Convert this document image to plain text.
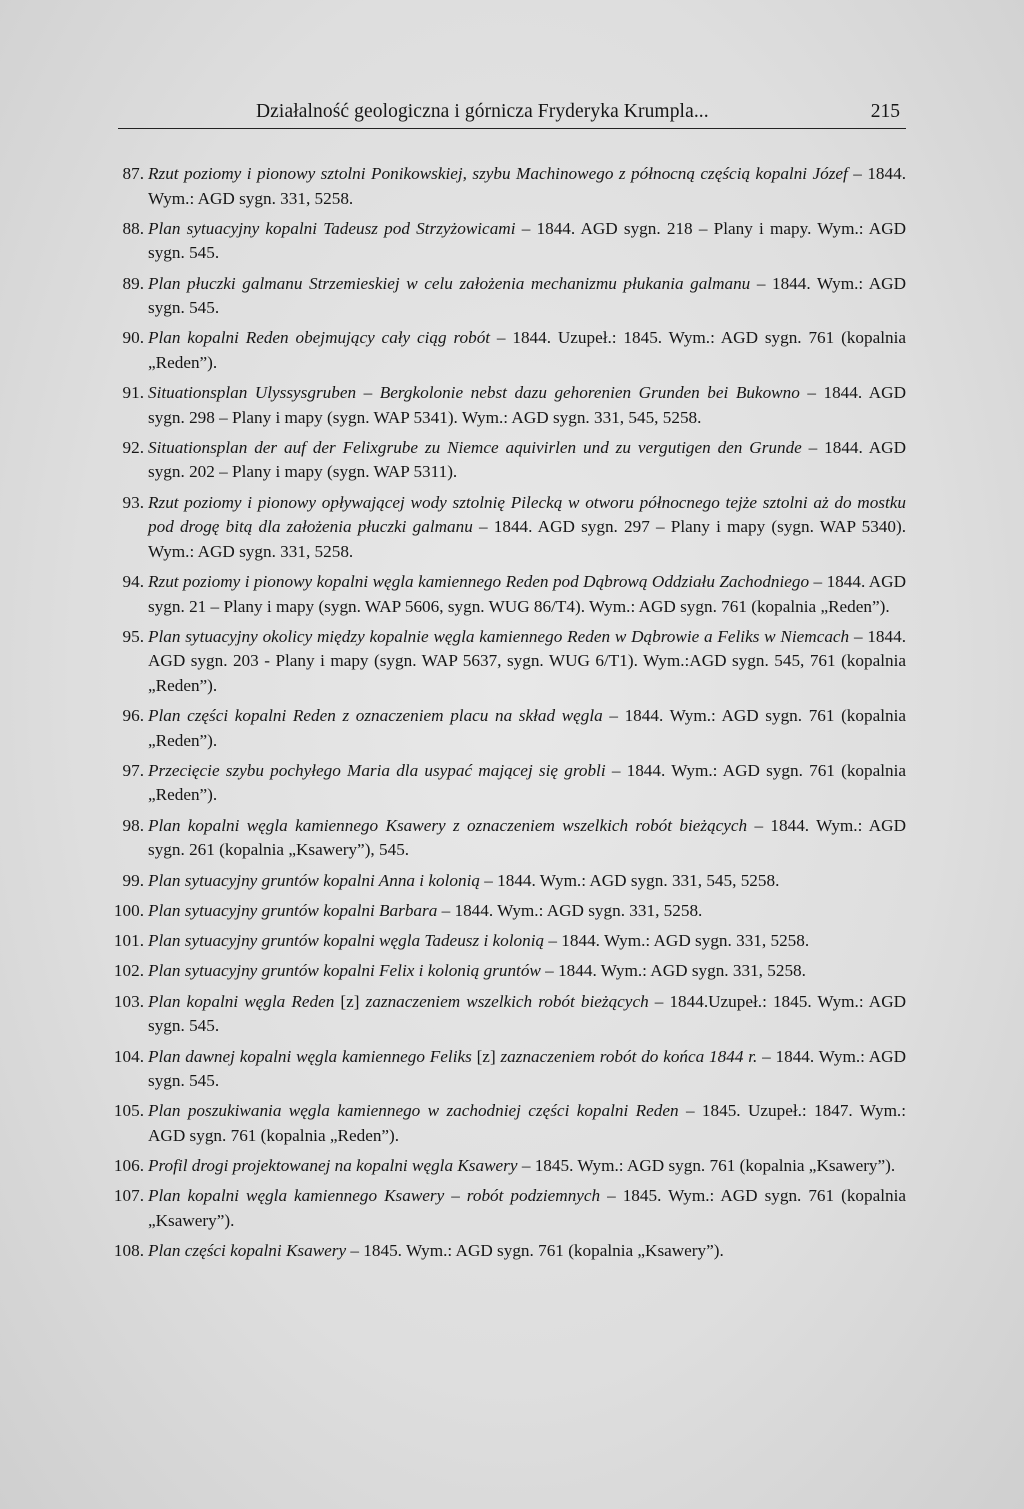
Działalność geologiczna i górnicza Fryderyka Krumpla...	215
87. Rzut poziomy i pionowy sztolni Ponikowskiej, szybu Machinowego z północną częścią kopalni Józef – 1844. Wym.: AGD sygn. 331, 5258.
88. Plan sytuacyjny kopalni Tadeusz pod Strzyżowicami – 1844. AGD sygn. 218 – Plany i mapy. Wym.: AGD sygn. 545.
89. Plan płuczki galmanu Strzemieskiej w celu założenia mechanizmu płukania galmanu – 1844. Wym.: AGD sygn. 545.
90. Plan kopalni Reden obejmujący cały ciąg robót – 1844. Uzupeł.: 1845. Wym.: AGD sygn. 761 (kopalnia „Reden”).
91. Situationsplan Ulyssysgruben – Bergkolonie nebst dazu gehorenien Grunden bei Bukowno – 1844. AGD sygn. 298 – Plany i mapy (sygn. WAP 5341). Wym.: AGD sygn. 331, 545, 5258.
92. Situationsplan der auf der Felixgrube zu Niemce aquivirlen und zu vergutigen den Grunde – 1844. AGD sygn. 202 – Plany i mapy (sygn. WAP 5311).
93. Rzut poziomy i pionowy opływającej wody sztolnię Pilecką w otworu północnego tejże sztolni aż do mostku pod drogę bitą dla założenia płuczki galmanu – 1844. AGD sygn. 297 – Plany i mapy (sygn. WAP 5340). Wym.: AGD sygn. 331, 5258.
94. Rzut poziomy i pionowy kopalni węgla kamiennego Reden pod Dąbrową Oddziału Zachodniego – 1844. AGD sygn. 21 – Plany i mapy (sygn. WAP 5606, sygn. WUG 86/T4). Wym.: AGD sygn. 761 (kopalnia „Reden”).
95. Plan sytuacyjny okolicy między kopalnie węgla kamiennego Reden w Dąbrowie a Feliks w Niemcach – 1844. AGD sygn. 203 - Plany i mapy (sygn. WAP 5637, sygn. WUG 6/T1). Wym.:AGD sygn. 545, 761 (kopalnia „Reden”).
96. Plan części kopalni Reden z oznaczeniem placu na skład węgla – 1844. Wym.: AGD sygn. 761 (kopalnia „Reden”).
97. Przecięcie szybu pochyłego Maria dla usypać mającej się grobli – 1844. Wym.: AGD sygn. 761 (kopalnia „Reden”).
98. Plan kopalni węgla kamiennego Ksawery z oznaczeniem wszelkich robót bieżących – 1844. Wym.: AGD sygn. 261 (kopalnia „Ksawery”), 545.
99. Plan sytuacyjny gruntów kopalni Anna i kolonią – 1844. Wym.: AGD sygn. 331, 545, 5258.
100. Plan sytuacyjny gruntów kopalni Barbara – 1844. Wym.: AGD sygn. 331, 5258.
101. Plan sytuacyjny gruntów kopalni węgla Tadeusz i kolonią – 1844. Wym.: AGD sygn. 331, 5258.
102. Plan sytuacyjny gruntów kopalni Felix i kolonią gruntów – 1844. Wym.: AGD sygn. 331, 5258.
103. Plan kopalni węgla Reden [z] zaznaczeniem wszelkich robót bieżących – 1844.Uzupeł.: 1845. Wym.: AGD sygn. 545.
104. Plan dawnej kopalni węgla kamiennego Feliks [z] zaznaczeniem robót do końca 1844 r. – 1844. Wym.: AGD sygn. 545.
105. Plan poszukiwania węgla kamiennego w zachodniej części kopalni Reden – 1845. Uzupeł.: 1847. Wym.: AGD sygn. 761 (kopalnia „Reden”).
106. Profil drogi projektowanej na kopalni węgla Ksawery – 1845. Wym.: AGD sygn. 761 (kopalnia „Ksawery”).
107. Plan kopalni węgla kamiennego Ksawery – robót podziemnych – 1845. Wym.: AGD sygn. 761 (kopalnia „Ksawery”).
108. Plan części kopalni Ksawery – 1845. Wym.: AGD sygn. 761 (kopalnia „Ksawery”).
